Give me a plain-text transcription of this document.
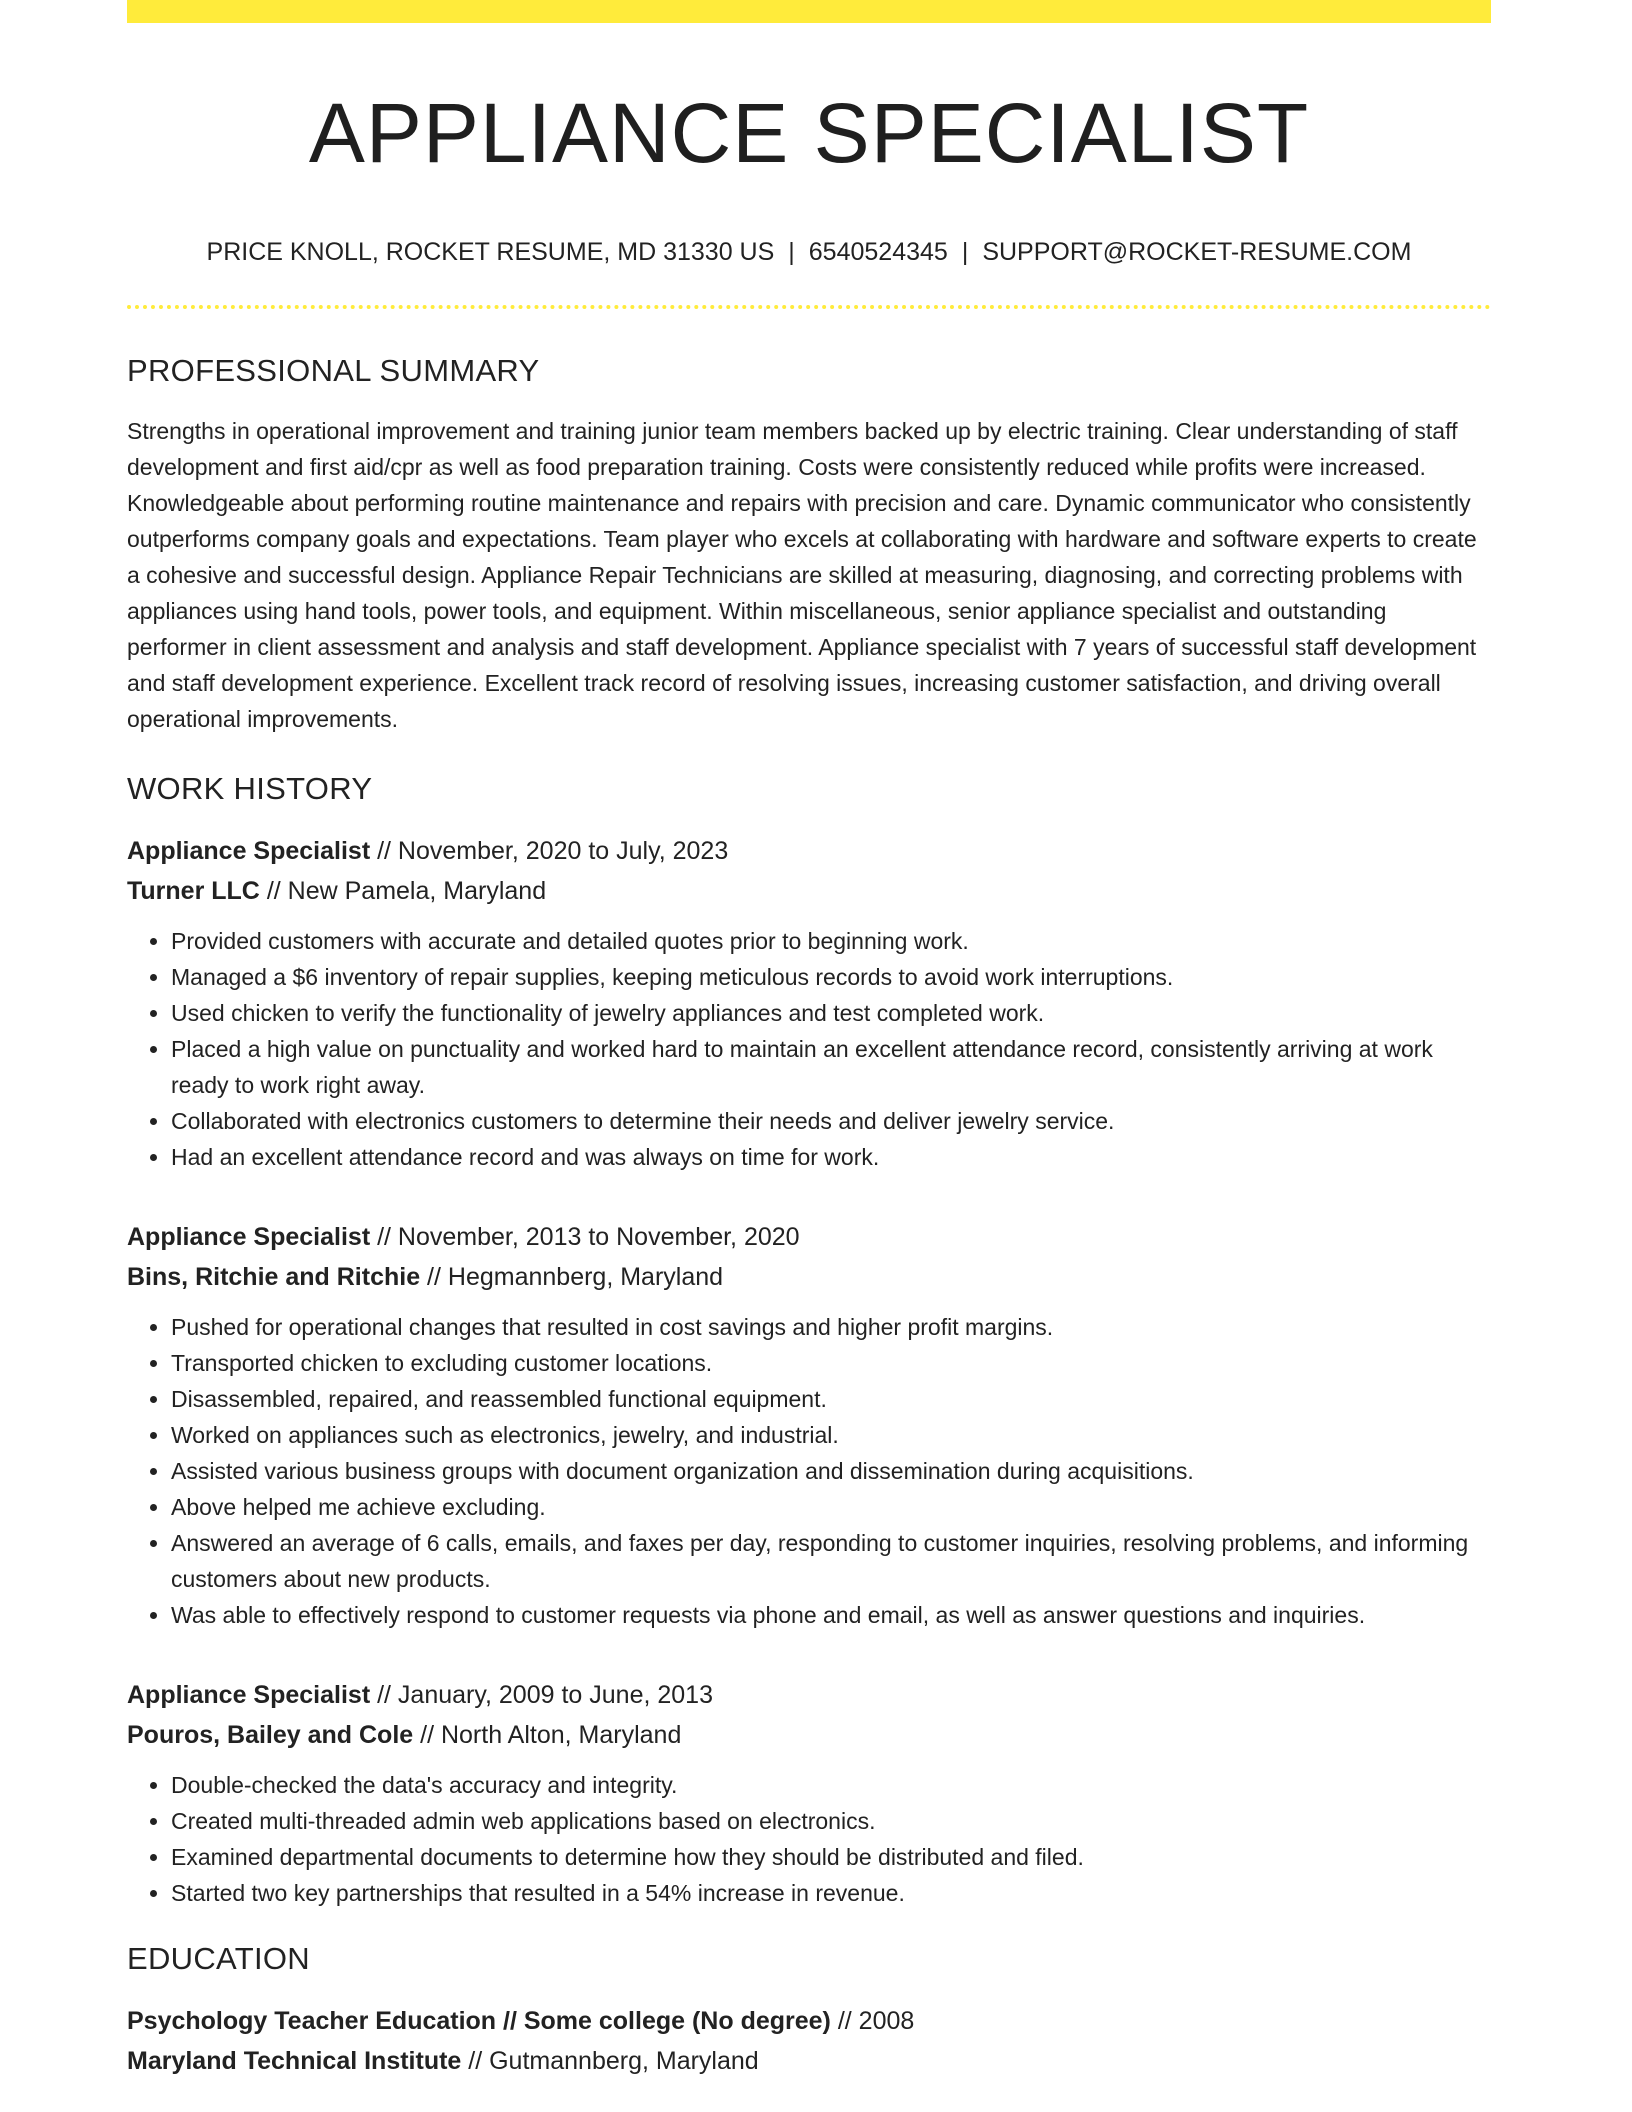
APPLIANCE SPECIALIST
PRICE KNOLL, ROCKET RESUME, MD 31330 US | 6540524345 | SUPPORT@ROCKET-RESUME.COM
PROFESSIONAL SUMMARY
Strengths in operational improvement and training junior team members backed up by electric training. Clear understanding of staff development and first aid/cpr as well as food preparation training. Costs were consistently reduced while profits were increased. Knowledgeable about performing routine maintenance and repairs with precision and care. Dynamic communicator who consistently outperforms company goals and expectations. Team player who excels at collaborating with hardware and software experts to create a cohesive and successful design. Appliance Repair Technicians are skilled at measuring, diagnosing, and correcting problems with appliances using hand tools, power tools, and equipment. Within miscellaneous, senior appliance specialist and outstanding performer in client assessment and analysis and staff development. Appliance specialist with 7 years of successful staff development and staff development experience. Excellent track record of resolving issues, increasing customer satisfaction, and driving overall operational improvements.
WORK HISTORY
Appliance Specialist // November, 2020 to July, 2023
Turner LLC // New Pamela, Maryland
• Provided customers with accurate and detailed quotes prior to beginning work.
• Managed a $6 inventory of repair supplies, keeping meticulous records to avoid work interruptions.
• Used chicken to verify the functionality of jewelry appliances and test completed work.
• Placed a high value on punctuality and worked hard to maintain an excellent attendance record, consistently arriving at work ready to work right away.
• Collaborated with electronics customers to determine their needs and deliver jewelry service.
• Had an excellent attendance record and was always on time for work.
Appliance Specialist // November, 2013 to November, 2020
Bins, Ritchie and Ritchie // Hegmannberg, Maryland
• Pushed for operational changes that resulted in cost savings and higher profit margins.
• Transported chicken to excluding customer locations.
• Disassembled, repaired, and reassembled functional equipment.
• Worked on appliances such as electronics, jewelry, and industrial.
• Assisted various business groups with document organization and dissemination during acquisitions.
• Above helped me achieve excluding.
• Answered an average of 6 calls, emails, and faxes per day, responding to customer inquiries, resolving problems, and informing customers about new products.
• Was able to effectively respond to customer requests via phone and email, as well as answer questions and inquiries.
Appliance Specialist // January, 2009 to June, 2013
Pouros, Bailey and Cole // North Alton, Maryland
• Double-checked the data's accuracy and integrity.
• Created multi-threaded admin web applications based on electronics.
• Examined departmental documents to determine how they should be distributed and filed.
• Started two key partnerships that resulted in a 54% increase in revenue.
EDUCATION
Psychology Teacher Education // Some college (No degree) // 2008
Maryland Technical Institute // Gutmannberg, Maryland
